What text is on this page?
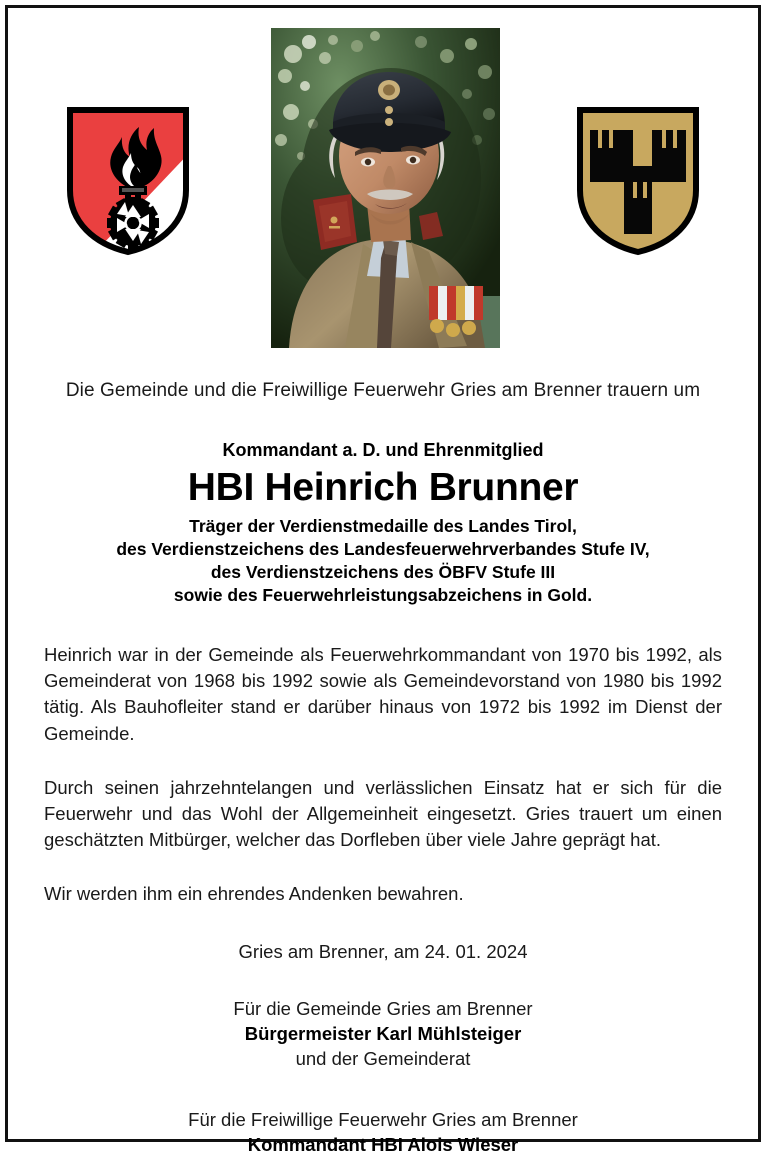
Die Gemeinde und die Freiwillige Feuerwehr Gries am Brenner trauern um
Kommandant a. D. und Ehrenmitglied
HBI Heinrich Brunner
Träger der Verdienstmedaille des Landes Tirol,
des Verdienstzeichens des Landesfeuerwehrverbandes Stufe IV,
des Verdienstzeichens des ÖBFV Stufe III
sowie des Feuerwehrleistungsabzeichens in Gold.

Heinrich war in der Gemeinde als Feuerwehrkommandant von 1970 bis 1992, als Gemeinderat von 1968 bis 1992 sowie als Gemeindevorstand von 1980 bis 1992 tätig. Als Bauhofleiter stand er darüber hinaus von 1972 bis 1992 im Dienst der Gemeinde.

Durch seinen jahrzehntelangen und verlässlichen Einsatz hat er sich für die Feuerwehr und das Wohl der Allgemeinheit eingesetzt. Gries trauert um einen geschätzten Mitbürger, welcher das Dorfleben über viele Jahre geprägt hat.

Wir werden ihm ein ehrendes Andenken bewahren.

Gries am Brenner, am 24. 01. 2024
Für die Gemeinde Gries am Brenner
Bürgermeister Karl Mühlsteiger
und der Gemeinderat
Für die Freiwillige Feuerwehr Gries am Brenner
Kommandant HBI Alois Wieser
